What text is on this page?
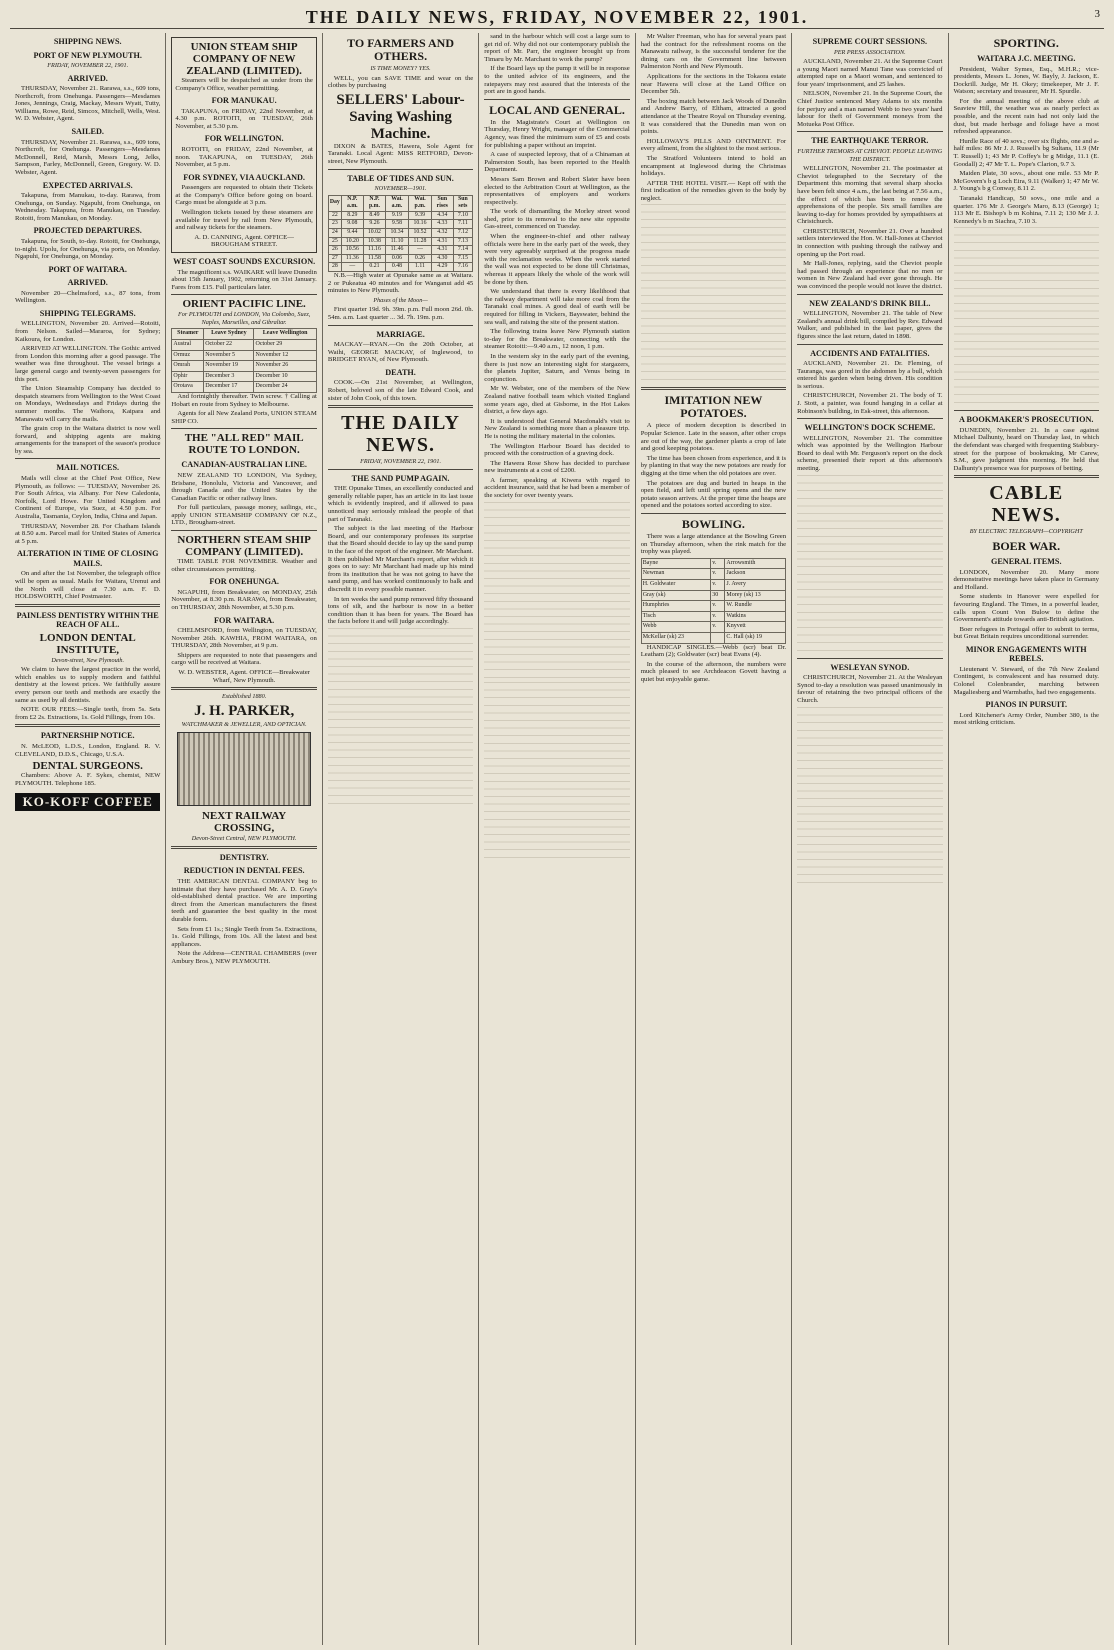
THE DAILY NEWS, FRIDAY, NOVEMBER 22, 1901.	3
SHIPPING NEWS.
PORT OF NEW PLYMOUTH.
FRIDAY, NOVEMBER 22, 1901.
ARRIVED.

THURSDAY, November 21. Rarawa, s.s., 609 tons, Northcroft, from Onehunga. Passengers—Mesdames Jones, Jennings, Craig, Mackay, Messrs Wyatt, Tutty, Williams, Rowe, Reid, Simcox, Mitchell, Wells, West. W. D. Webster, Agent.

SAILED.

THURSDAY, November 21. Rarawa, s.s., 609 tons, Northcroft, for Onehunga. Passengers—Mesdames McDonnell, Reid, Marsh, Messrs Long, Jelks, Sampson, Farley, McDonnell, Green, Gregory. W. D. Webster, Agent.

EXPECTED ARRIVALS.

Takapuna, from Manukau, to-day. Rarawa, from Onehunga, on Sunday. Ngapuhi, from Onehunga, on Wednesday. Takapuna, from Manukau, on Tuesday. Rotoiti, from Manukau, on Monday.

PROJECTED DEPARTURES.

Takapuna, for South, to-day. Rotoiti, for Onehunga, to-night. Upolu, for Onehunga, via ports, on Monday. Ngapuhi, for Onehunga, on Monday.

PORT OF WAITARA.
ARRIVED.

November 20—Chelmsford, s.s., 87 tons, from Wellington.

SHIPPING TELEGRAMS.

WELLINGTON, November 20. Arrived—Rotoiti, from Nelson. Sailed—Mararoa, for Sydney; Kaikoura, for London.

ARRIVED AT WELLINGTON. The Gothic arrived from London this morning after a good passage. The weather was fine throughout. The vessel brings a large general cargo and twenty-seven passengers for this port.

The Union Steamship Company has decided to despatch steamers from Wellington to the West Coast on Mondays, Wednesdays and Fridays during the summer months. The Waihora, Kaipara and Manawatu will carry the mails.

The grain crop in the Waitara district is now well forward, and shipping agents are making arrangements for the transport of the season's produce by sea.

MAIL NOTICES.

Mails will close at the Chief Post Office, New Plymouth, as follows: — TUESDAY, November 26. For South Africa, via Albany. For New Caledonia, Norfolk, Lord Howe. For United Kingdom and Continent of Europe, via Suez, at 4.50 p.m. For Australia, Tasmania, Ceylon, India, China and Japan.

THURSDAY, November 28. For Chatham Islands at 8.50 a.m. Parcel mail for United States of America at 5 p.m.

ALTERATION IN TIME OF CLOSING MAILS.

On and after the 1st November, the telegraph office will be open as usual. Mails for Waitara, Urenui and the North will close at 7.30 a.m. F. D. HOLDSWORTH, Chief Postmaster.

PAINLESS DENTISTRY WITHIN THE REACH OF ALL.
LONDON DENTAL INSTITUTE,
Devon-street, New Plymouth.

We claim to have the largest practice in the world, which enables us to supply modern and faithful dentistry at the lowest prices. We faithfully assure every person our teeth and methods are exactly the same as used by all dentists.

NOTE OUR FEES:—Single teeth, from 5s. Sets from £2 2s. Extractions, 1s. Gold Fillings, from 10s.

PARTNERSHIP NOTICE.

N. McLEOD, L.D.S., London, England. R. V. CLEVELAND, D.D.S., Chicago, U.S.A.

DENTAL SURGEONS.

Chambers: Above A. F. Sykes, chemist, NEW PLYMOUTH. Telephone 185.

KO-KOFF COFFEE
UNION STEAM SHIP COMPANY OF NEW ZEALAND (LIMITED).

Steamers will be despatched as under from the Company's Office, weather permitting.

FOR MANUKAU.

TAKAPUNA, on FRIDAY, 22nd November, at 4.30 p.m. ROTOITI, on TUESDAY, 26th November, at 5.30 p.m.

FOR WELLINGTON.

ROTOITI, on FRIDAY, 22nd November, at noon. TAKAPUNA, on TUESDAY, 26th November, at 5 p.m.

FOR SYDNEY, VIA AUCKLAND.

Passengers are requested to obtain their Tickets at the Company's Office before going on board. Cargo must be alongside at 3 p.m.

Wellington tickets issued by these steamers are available for travel by rail from New Plymouth, and railway tickets for the steamers.

A. D. CANNING, Agent. OFFICE—BROUGHAM STREET.
WEST COAST SOUNDS EXCURSION.

The magnificent s.s. WAIKARE will leave Dunedin about 15th January, 1902, returning on 31st January. Fares from £15. Full particulars later.

ORIENT PACIFIC LINE.
For PLYMOUTH and LONDON, Via Colombo, Suez, Naples, Marseilles, and Gibraltar.
Steamer	Leave Sydney	Leave Wellington
Austral	October 22	October 29
Ormuz	November 5	November 12
Omrah	November 19	November 26
Ophir	December 3	December 10
Orotava	December 17	December 24

And fortnightly thereafter. Twin screw. † Calling at Hobart en route from Sydney to Melbourne.

Agents for all New Zealand Ports, UNION STEAM SHIP CO.

THE "ALL RED" MAIL ROUTE TO LONDON.
CANADIAN-AUSTRALIAN LINE.

NEW ZEALAND TO LONDON, Via Sydney, Brisbane, Honolulu, Victoria and Vancouver, and through Canada and the United States by the Canadian Pacific or other railway lines.

For full particulars, passage money, sailings, etc., apply UNION STEAMSHIP COMPANY OF N.Z., LTD., Brougham-street.

NORTHERN STEAM SHIP COMPANY (LIMITED).

TIME TABLE FOR NOVEMBER. Weather and other circumstances permitting.

FOR ONEHUNGA.

NGAPUHI, from Breakwater, on MONDAY, 25th November, at 8.30 p.m. RARAWA, from Breakwater, on THURSDAY, 28th November, at 5.30 p.m.

FOR WAITARA.

CHELMSFORD, from Wellington, on TUESDAY, November 26th. KAWHIA, FROM WAITARA, on THURSDAY, 28th November, at 9 p.m.

Shippers are requested to note that passengers and cargo will be received at Waitara.

W. D. WEBSTER, Agent. OFFICE—Breakwater Wharf, New Plymouth.
Established 1880.
J. H. PARKER,
WATCHMAKER & JEWELLER, AND OPTICIAN.
NEXT RAILWAY CROSSING,
Devon-Street Central, NEW PLYMOUTH.
DENTISTRY.
REDUCTION IN DENTAL FEES.

THE AMERICAN DENTAL COMPANY beg to intimate that they have purchased Mr. A. D. Gray's old-established dental practice. We are importing direct from the American manufacturers the finest teeth and guarantee the best quality in the most durable form.

Sets from £1 1s.; Single Teeth from 5s. Extractions, 1s. Gold Fillings, from 10s. All the latest and best appliances.

Note the Address—CENTRAL CHAMBERS (over Ambury Bros.), NEW PLYMOUTH.

TO FARMERS AND OTHERS.
IS TIME MONEY? YES.

WELL, you can SAVE TIME and wear on the clothes by purchasing

SELLERS' Labour-Saving Washing Machine.

DIXON & BATES, Hawera, Sole Agent for Taranaki. Local Agent: MISS RETFORD, Devon-street, New Plymouth.

TABLE OF TIDES AND SUN.
NOVEMBER—1901.
Day	N.P. a.m.	N.P. p.m.	Wai. a.m.	Wai. p.m.	Sun rises	Sun sets
22	8.29	8.49	9.19	9.39	4.34	7.10
23	9.08	9.26	9.58	10.16	4.33	7.11
24	9.44	10.02	10.34	10.52	4.32	7.12
25	10.20	10.38	11.10	11.28	4.31	7.13
26	10.56	11.16	11.46	—	4.31	7.14
27	11.36	11.58	0.06	0.26	4.30	7.15
28	—	0.21	0.48	1.11	4.29	7.16

N.B.—High water at Opunake same as at Waitara. 2 or Pukeatua 40 minutes and for Wanganui add 45 minutes to New Plymouth.

Phases of the Moon—

First quarter 19d. 9h. 39m. p.m. Full moon 26d. 0h. 54m. a.m. Last quarter ... 3d. 7h. 19m. p.m.

MARRIAGE.

MACKAY—RYAN.—On the 20th October, at Waihi, GEORGE MACKAY, of Inglewood, to BRIDGET RYAN, of New Plymouth.

DEATH.

COOK.—On 21st November, at Wellington, Robert, beloved son of the late Edward Cook, and sister of John Cook, of this town.

THE DAILY NEWS.
FRIDAY, NOVEMBER 22, 1901.
THE SAND PUMP AGAIN.

THE Opunake Times, an excellently conducted and generally reliable paper, has an article in its last issue which is evidently inspired, and if allowed to pass unnoticed may seriously mislead the people of that part of Taranaki.

The subject is the last meeting of the Harbour Board, and our contemporary professes its surprise that the Board should decide to lay up the sand pump in the face of the report of the engineer. Mr Marchant. It then published Mr Marchant's report, after which it goes on to say: Mr Marchant had made up his mind from its institution that he was not going to have the sand pump, and has worked continuously to balk and discredit it in every possible manner.

In ten weeks the sand pump removed fifty thousand tons of silt, and the harbour is now in a better condition than it has been for years. The Board has the facts before it and will judge accordingly.

sand in the harbour which will cost a large sum to get rid of. Why did not our contemporary publish the report of Mr. Parr, the engineer brought up from Timaru by Mr. Marchant to work the pump?

If the Board lays up the pump it will be in response to the united advice of its engineers, and the ratepayers may rest assured that the interests of the port are in good hands.

LOCAL AND GENERAL.

In the Magistrate's Court at Wellington on Thursday, Henry Wright, manager of the Commercial Agency, was fined the minimum sum of £5 and costs for publishing a paper without an imprint.

A case of suspected leprosy, that of a Chinaman at Palmerston South, has been reported to the Health Department.

Messrs Sam Brown and Robert Slater have been elected to the Arbitration Court at Wellington, as the representatives of employers and workers respectively.

The work of dismantling the Morley street wood shed, prior to its removal to the new site opposite Gas-street, commenced on Tuesday.

When the engineer-in-chief and other railway officials were here in the early part of the week, they were very agreeably surprised at the progress made with the reclamation works. When the work started the wall was not expected to be done till Christmas, whereas it appears likely the whole of the work will be done by then.

We understand that there is every likelihood that the railway department will take more coal from the Taranaki coal mines. A good deal of earth will be required for filling in Vickers, Bayswater, behind the sea wall, and raising the site of the present station.

The following trains leave New Plymouth station to-day for the Breakwater, connecting with the steamer Rotoiti:—9.40 a.m., 12 noon, 1 p.m.

In the western sky in the early part of the evening, there is just now an interesting sight for stargazers, the planets Jupiter, Saturn, and Venus being in conjunction.

Mr W. Webster, one of the members of the New Zealand native football team which visited England some years ago, died at Gisborne, in the Hot Lakes district, a few days ago.

It is understood that General Macdonald's visit to New Zealand is something more than a pleasure trip. He is noting the military material in the colonies.

The Wellington Harbour Board has decided to proceed with the construction of a graving dock.

The Hawera Rose Show has decided to purchase new instruments at a cost of £200.

A farmer, speaking at Kiwera with regard to accident insurance, said that he had been a member of the society for over twenty years.

Mr Walter Freeman, who has for several years past had the contract for the refreshment rooms on the Manawatu railway, is the successful tenderer for the dining cars on the Government line between Palmerston North and New Plymouth.

Applications for the sections in the Tokaora estate near Hawera will close at the Land Office on December 5th.

The boxing match between Jack Woods of Dunedin and Andrew Barry, of Eltham, attracted a good attendance at the Theatre Royal on Thursday evening. It was considered that the Dunedin man won on points.

HOLLOWAY'S PILLS AND OINTMENT. For every ailment, from the slightest to the most serious.

The Stratford Volunteers intend to hold an encampment at Inglewood during the Christmas holidays.

AFTER THE HOTEL VISIT.— Kept off with the first indication of the remedies given to the body by neglect.

IMITATION NEW POTATOES.

A piece of modern deception is described in Popular Science. Late in the season, after other crops are out of the way, the gardener plants a crop of late and good keeping potatoes.

The time has been chosen from experience, and it is by planting in that way the new potatoes are ready for digging at the time when the old potatoes are over.

The potatoes are dug and buried in heaps in the open field, and left until spring opens and the new potato season arrives. At the proper time the heaps are opened and the potatoes sorted according to size.

BOWLING.

There was a large attendance at the Bowling Green on Thursday afternoon, when the rink match for the trophy was played.

Bayne	v.	Arrowsmith
Newman	v.	Jackson
H. Goldwater	v.	J. Avery
Gray (sk)	30	Morey (sk) 13
Humphries	v.	W. Rundle
Tisch	v.	Watkins
Webb	v.	Knyvett
McKellar (sk) 23		C. Hall (sk) 19

HANDICAP SINGLES.—Webb (scr) beat Dr. Leatham (2); Goldwater (scr) beat Evans (4).

In the course of the afternoon, the numbers were much pleased to see Archdeacon Govett having a quiet but enjoyable game.

SUPREME COURT SESSIONS.
PER PRESS ASSOCIATION.

AUCKLAND, November 21. At the Supreme Court a young Maori named Manui Tane was convicted of attempted rape on a Maori woman, and sentenced to four years' imprisonment, and 25 lashes.

NELSON, November 21. In the Supreme Court, the Chief Justice sentenced Mary Adams to six months for perjury and a man named Webb to two years' hard labour for theft of Government moneys from the Motueka Post Office.

THE EARTHQUAKE TERROR.
FURTHER TREMORS AT CHEVIOT. PEOPLE LEAVING THE DISTRICT.

WELLINGTON, November 21. The postmaster at Cheviot telegraphed to the Secretary of the Department this morning that several sharp shocks have been felt since 4 a.m., the last being at 7.56 a.m., the effect of which has been to renew the apprehensions of the people. Six small families are leaving to-day for homes provided by sympathisers at Christchurch.

CHRISTCHURCH, November 21. Over a hundred settlers interviewed the Hon. W. Hall-Jones at Cheviot in connection with pushing through the railway and opening up the Port road.

Mr Hall-Jones, replying, said the Cheviot people had passed through an experience that no men or women in New Zealand had ever gone through. He was convinced the people would not leave the district.

NEW ZEALAND'S DRINK BILL.

WELLINGTON, November 21. The table of New Zealand's annual drink bill, compiled by Rev. Edward Walker, and published in the last paper, gives the figures since the last return, dated in 1898.

ACCIDENTS AND FATALITIES.

AUCKLAND, November 21. Dr. Fleming, of Tauranga, was gored in the abdomen by a bull, which entered his garden when being driven. His condition is serious.

CHRISTCHURCH, November 21. The body of T. J. Stott, a painter, was found hanging in a cellar at Robinson's building, in Esk-street, this afternoon.

WELLINGTON'S DOCK SCHEME.

WELLINGTON, November 21. The committee which was appointed by the Wellington Harbour Board to deal with Mr. Ferguson's report on the dock scheme, presented their report at this afternoon's meeting.

WESLEYAN SYNOD.

CHRISTCHURCH, November 21. At the Wesleyan Synod to-day a resolution was passed unanimously in favour of retaining the two principal officers of the Church.

SPORTING.
WAITARA J.C. MEETING.

President, Walter Symes, Esq., M.H.R.; vice-presidents, Messrs L. Jones, W. Bayly, J. Jackson, E. Dockrill. Judge, Mr H. Okey; timekeeper, Mr J. F. Watson; secretary and treasurer, Mr H. Spurdle.

For the annual meeting of the above club at Seaview Hill, the weather was as nearly perfect as possible, and the recent rain had not only laid the dust, but made herbage and foliage have a most refreshed appearance.

Hurdle Race of 40 sovs.; over six flights, one and a-half miles: 86 Mr J. J. Russell's bg Sultans, 11.9 (Mr T. Russell) 1; 43 Mr P. Coffey's br g Midge, 11.1 (E. Goodall) 2; 47 Mr T. L. Pope's Clarion, 9.7 3.

Maiden Plate, 30 sovs., about one mile. 53 Mr P. McGovern's b g Loch Eira, 9.11 (Walker) 1; 47 Mr W. J. Young's b g Conway, 8.11 2.

Taranaki Handicap, 50 sovs., one mile and a quarter. 176 Mr J. George's Maro, 8.13 (George) 1; 113 Mr E. Bishop's b m Kohina, 7.11 2; 130 Mr J. J. Kennedy's b m Siachra, 7.10 3.

A BOOKMAKER'S PROSECUTION.

DUNEDIN, November 21. In a case against Michael Dalhunty, heard on Thursday last, in which the defendant was charged with frequenting Stabbury-street for the purpose of bookmaking, Mr Carew, S.M., gave judgment this morning. He held that Dalhunty's presence was for purposes of betting.

CABLE NEWS.
BY ELECTRIC TELEGRAPH—COPYRIGHT
BOER WAR.
GENERAL ITEMS.

LONDON, November 20. Many more demonstrative meetings have taken place in Germany and Holland.

Some students in Hanover were expelled for favouring England. The Times, in a powerful leader, calls upon Count Von Bulow to define the Government's attitude towards anti-British agitation.

Boer refugees in Portugal offer to submit to terms, but Great Britain requires unconditional surrender.

MINOR ENGAGEMENTS WITH REBELS.

Lieutenant V. Steward, of the 7th New Zealand Contingent, is convalescent and has resumed duty. Colonel Colenbrander, marching between Magaliesberg and Warmbaths, had two engagements.

PIANOS IN PURSUIT.

Lord Kitchener's Army Order, Number 380, is the most striking criticism.
